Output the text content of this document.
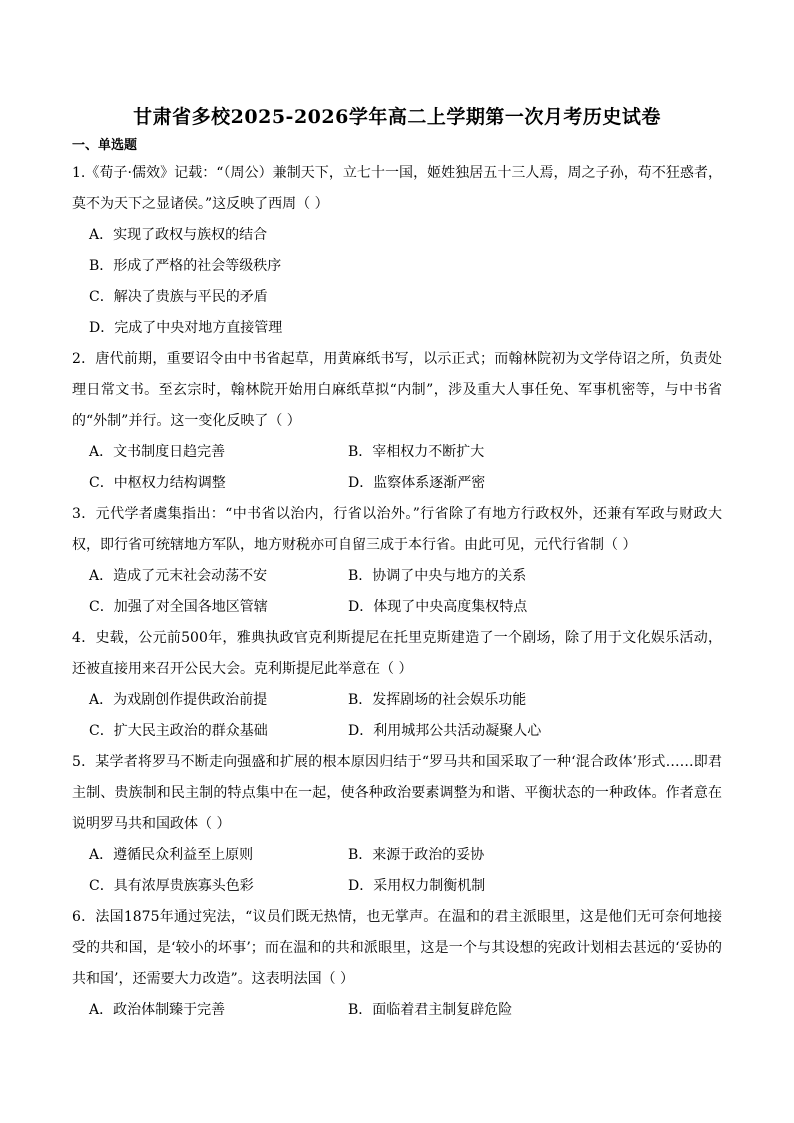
甘肃省多校2025-2026学年高二上学期第一次月考历史试卷
一、单选题

1.《荀子·儒效》记载：“（周公）兼制天下，立七十一国，姬姓独居五十三人焉，周之子孙，苟不狂惑者，莫不为天下之显诸侯。”这反映了西周（ ）

A．实现了政权与族权的结合
B．形成了严格的社会等级秩序
C．解决了贵族与平民的矛盾
D．完成了中央对地方直接管理

2．唐代前期，重要诏令由中书省起草，用黄麻纸书写，以示正式；而翰林院初为文学侍诏之所，负责处理日常文书。至玄宗时，翰林院开始用白麻纸草拟“内制”，涉及重大人事任免、军事机密等，与中书省的“外制”并行。这一变化反映了（ ）

A．文书制度日趋完善	B．宰相权力不断扩大
C．中枢权力结构调整	D．监察体系逐渐严密

3．元代学者虞集指出：“中书省以治内，行省以治外。”行省除了有地方行政权外，还兼有军政与财政大权，即行省可统辖地方军队，地方财税亦可自留三成于本行省。由此可见，元代行省制（ ）

A．造成了元末社会动荡不安	B．协调了中央与地方的关系
C．加强了对全国各地区管辖	D．体现了中央高度集权特点

4．史载，公元前500年，雅典执政官克利斯提尼在托里克斯建造了一个剧场，除了用于文化娱乐活动，还被直接用来召开公民大会。克利斯提尼此举意在（ ）

A．为戏剧创作提供政治前提	B．发挥剧场的社会娱乐功能
C．扩大民主政治的群众基础	D．利用城邦公共活动凝聚人心

5．某学者将罗马不断走向强盛和扩展的根本原因归结于“罗马共和国采取了一种‘混合政体’形式……即君主制、贵族制和民主制的特点集中在一起，使各种政治要素调整为和谐、平衡状态的一种政体。作者意在说明罗马共和国政体（ ）

A．遵循民众利益至上原则	B．来源于政治的妥协
C．具有浓厚贵族寡头色彩	D．采用权力制衡机制

6．法国1875年通过宪法，“议员们既无热情，也无掌声。在温和的君主派眼里，这是他们无可奈何地接受的共和国，是‘较小的坏事’；而在温和的共和派眼里，这是一个与其设想的宪政计划相去甚远的‘妥协的共和国’，还需要大力改造”。这表明法国（ ）

A．政治体制臻于完善	B．面临着君主制复辟危险
